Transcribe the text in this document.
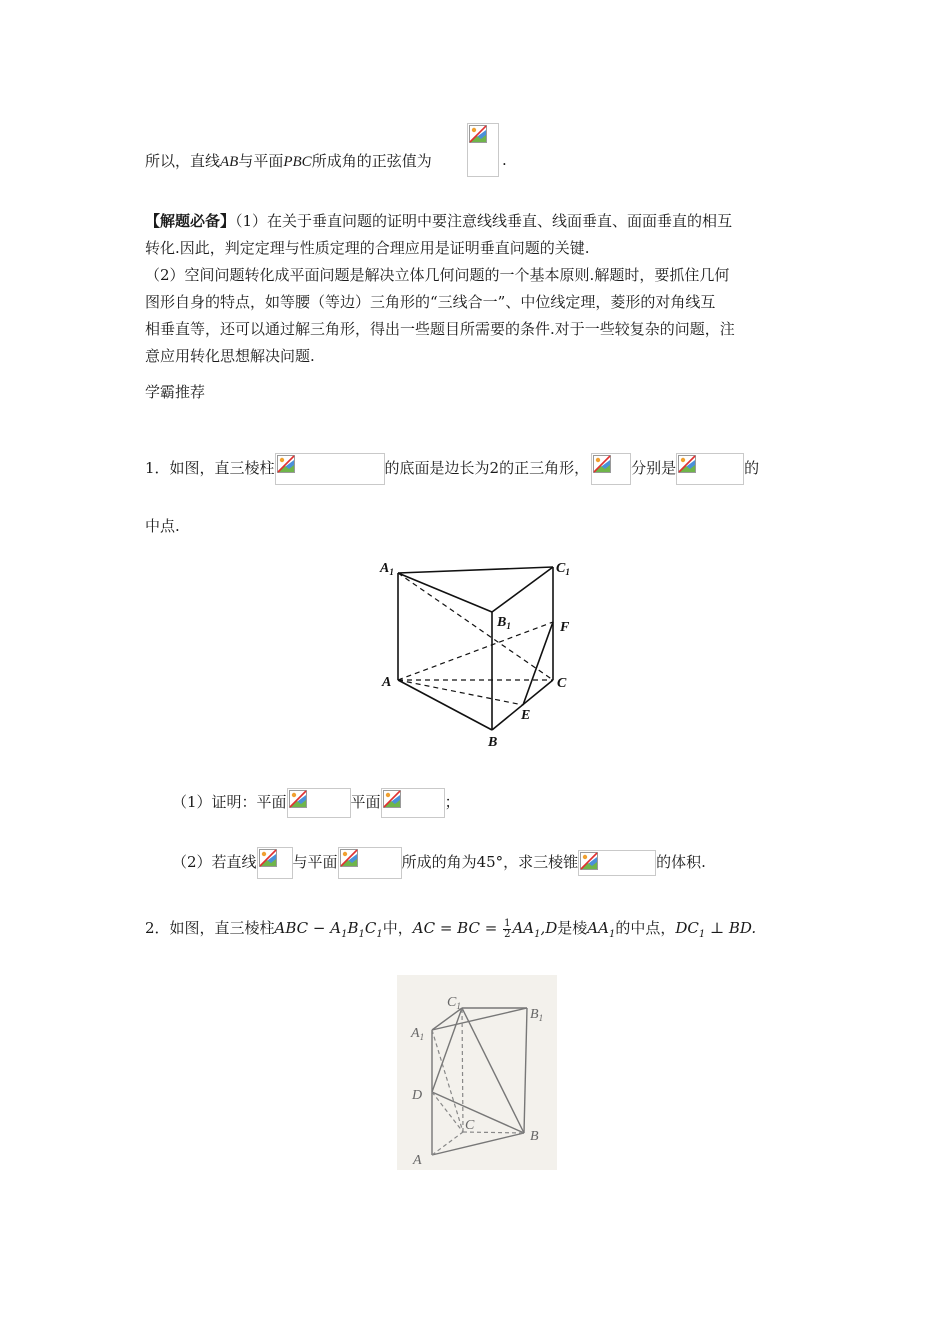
所以，直线AB与平面PBC所成角的正弦值为	.
【解题必备】（1）在关于垂直问题的证明中要注意线线垂直、线面垂直、面面垂直的相互
转化.因此，判定定理与性质定理的合理应用是证明垂直问题的关键.
（2）空间问题转化成平面问题是解决立体几何问题的一个基本原则.解题时，要抓住几何
图形自身的特点，如等腰（等边）三角形的“三线合一”、中位线定理，菱形的对角线互
相垂直等，还可以通过解三角形，得出一些题目所需要的条件.对于一些较复杂的问题，注
意应用转化思想解决问题.
学霸推荐
1．如图，直三棱柱	的底面是边长为2的正三角形，	分别是	的
中点.
$A_1$	$C_1$
$B_1$	F
A	C
E
B
（1）证明：平面	平面	；
（2）若直线 与平面	所成的角为45°，求三棱锥	的体积.
2．如图，直三棱柱ABC − $A_1B_1C_1$中，AC = BC = $\frac{1}{2} AA_1,D$是棱$AA_1$的中点，$DC_1$ ⊥ BD.
$C_1$
$B_1$
$A_1$
D
C
B
A
